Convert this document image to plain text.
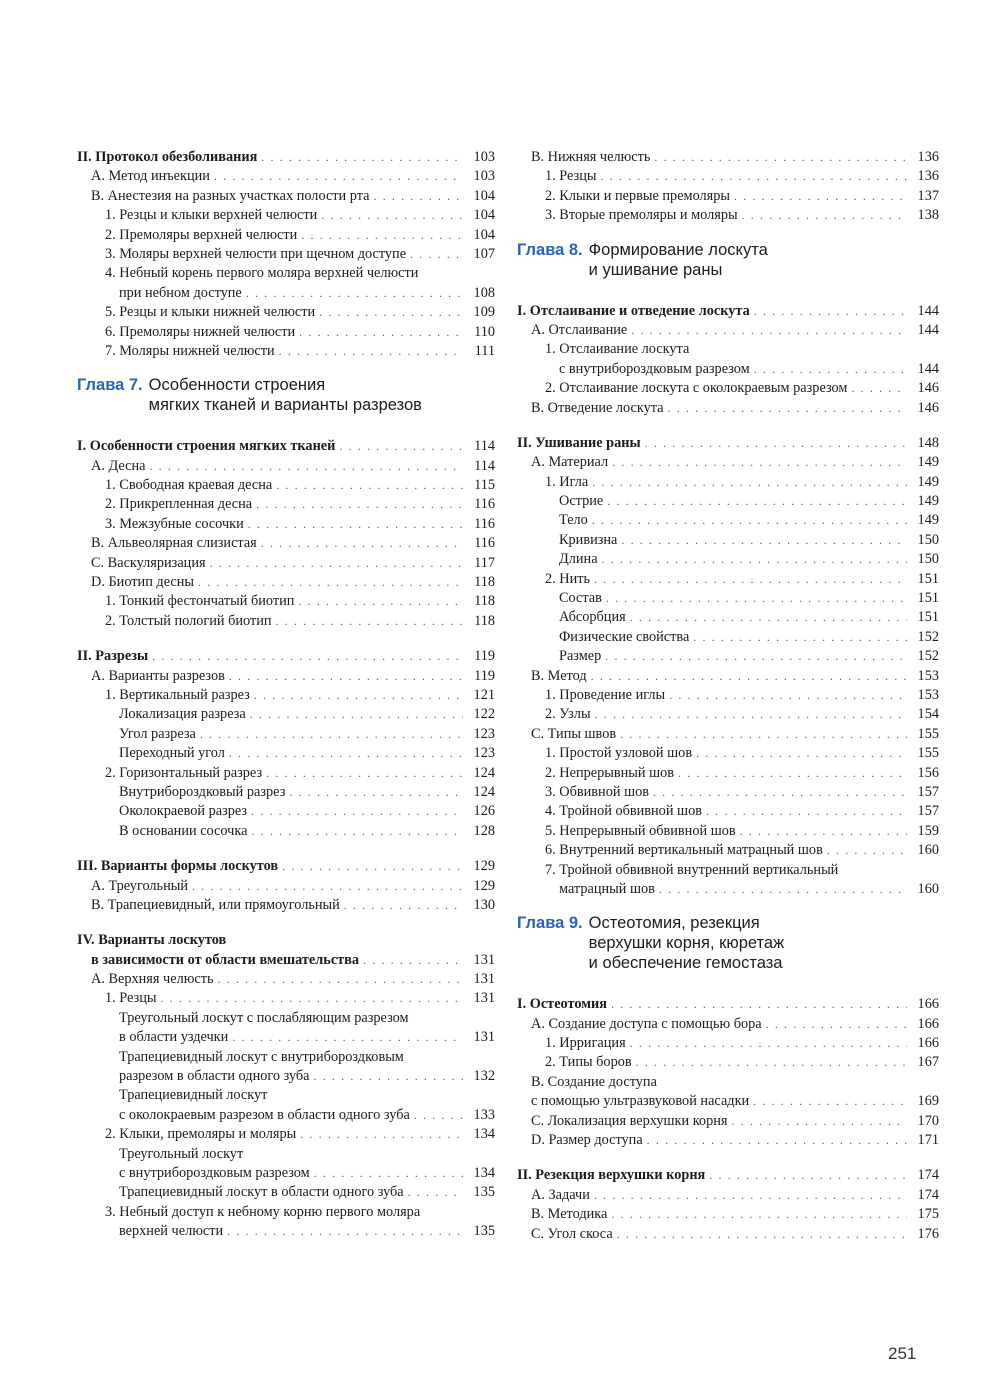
II. Протокол обезболивания . . .	103
A. Метод инъекции . . .	103
B. Анестезия на разных участках полости рта . . .	104
1. Резцы и клыки верхней челюсти . . .	104
2. Премоляры верхней челюсти . . .	104
3. Моляры верхней челюсти при щечном доступе . . .	107
4. Небный корень первого моляра верхней челюсти
при небном доступе . . .	108
5. Резцы и клыки нижней челюсти . . .	109
6. Премоляры нижней челюсти . . .	110
7. Моляры нижней челюсти . . .	111
Глава 7. Особенности строения
мягких тканей и варианты разрезов
I. Особенности строения мягких тканей . . .	114
A. Десна . . .	114
1. Свободная краевая десна . . .	115
2. Прикрепленная десна . . .	116
3. Межзубные сосочки . . .	116
B. Альвеолярная слизистая . . .	116
C. Васкуляризация . . .	117
D. Биотип десны . . .	118
1. Тонкий фестончатый биотип . . .	118
2. Толстый пологий биотип . . .	118
II. Разрезы . . .	119
A. Варианты разрезов . . .	119
1. Вертикальный разрез . . .	121
Локализация разреза . . .	122
Угол разреза . . .	123
Переходный угол . . .	123
2. Горизонтальный разрез . . .	124
Внутрибороздковый разрез . . .	124
Околокраевой разрез . . .	126
В основании сосочка . . .	128
III. Варианты формы лоскутов . . .	129
A. Треугольный . . .	129
B. Трапециевидный, или прямоугольный . . .	130
IV. Варианты лоскутов
в зависимости от области вмешательства . . .	131
A. Верхняя челюсть . . .	131
1. Резцы . . .	131
Треугольный лоскут с послабляющим разрезом
в области уздечки . . .	131
Трапециевидный лоскут с внутрибороздковым
разрезом в области одного зуба . . .	132
Трапециевидный лоскут
с околокраевым разрезом в области одного зуба . . .	133
2. Клыки, премоляры и моляры . . .	134
Треугольный лоскут
с внутрибороздковым разрезом . . .	134
Трапециевидный лоскут в области одного зуба . . .	135
3. Небный доступ к небному корню первого моляра
верхней челюсти . . .	135
B. Нижняя челюсть . . .	136
1. Резцы . . .	136
2. Клыки и первые премоляры . . .	137
3. Вторые премоляры и моляры . . .	138
Глава 8. Формирование лоскута
и ушивание раны
I. Отслаивание и отведение лоскута . . .	144
A. Отслаивание . . .	144
1. Отслаивание лоскута
с внутрибороздковым разрезом . . .	144
2. Отслаивание лоскута с околокраевым разрезом . . .	146
B. Отведение лоскута . . .	146
II. Ушивание раны . . .	148
A. Материал . . .	149
1. Игла . . .	149
Острие . . .	149
Тело . . .	149
Кривизна . . .	150
Длина . . .	150
2. Нить . . .	151
Состав . . .	151
Абсорбция . . .	151
Физические свойства . . .	152
Размер . . .	152
B. Метод . . .	153
1. Проведение иглы . . .	153
2. Узлы . . .	154
C. Типы швов . . .	155
1. Простой узловой шов . . .	155
2. Непрерывный шов . . .	156
3. Обвивной шов . . .	157
4. Тройной обвивной шов . . .	157
5. Непрерывный обвивной шов . . .	159
6. Внутренний вертикальный матрацный шов . . .	160
7. Тройной обвивной внутренний вертикальный
матрацный шов . . .	160
Глава 9. Остеотомия, резекция
верхушки корня, кюретаж
и обеспечение гемостаза
I. Остеотомия . . .	166
A. Создание доступа с помощью бора . . .	166
1. Ирригация . . .	166
2. Типы боров . . .	167
B. Создание доступа
с помощью ультразвуковой насадки . . .	169
C. Локализация верхушки корня . . .	170
D. Размер доступа . . .	171
II. Резекция верхушки корня . . .	174
A. Задачи . . .	174
B. Методика . . .	175
C. Угол скоса . . .	176
251
